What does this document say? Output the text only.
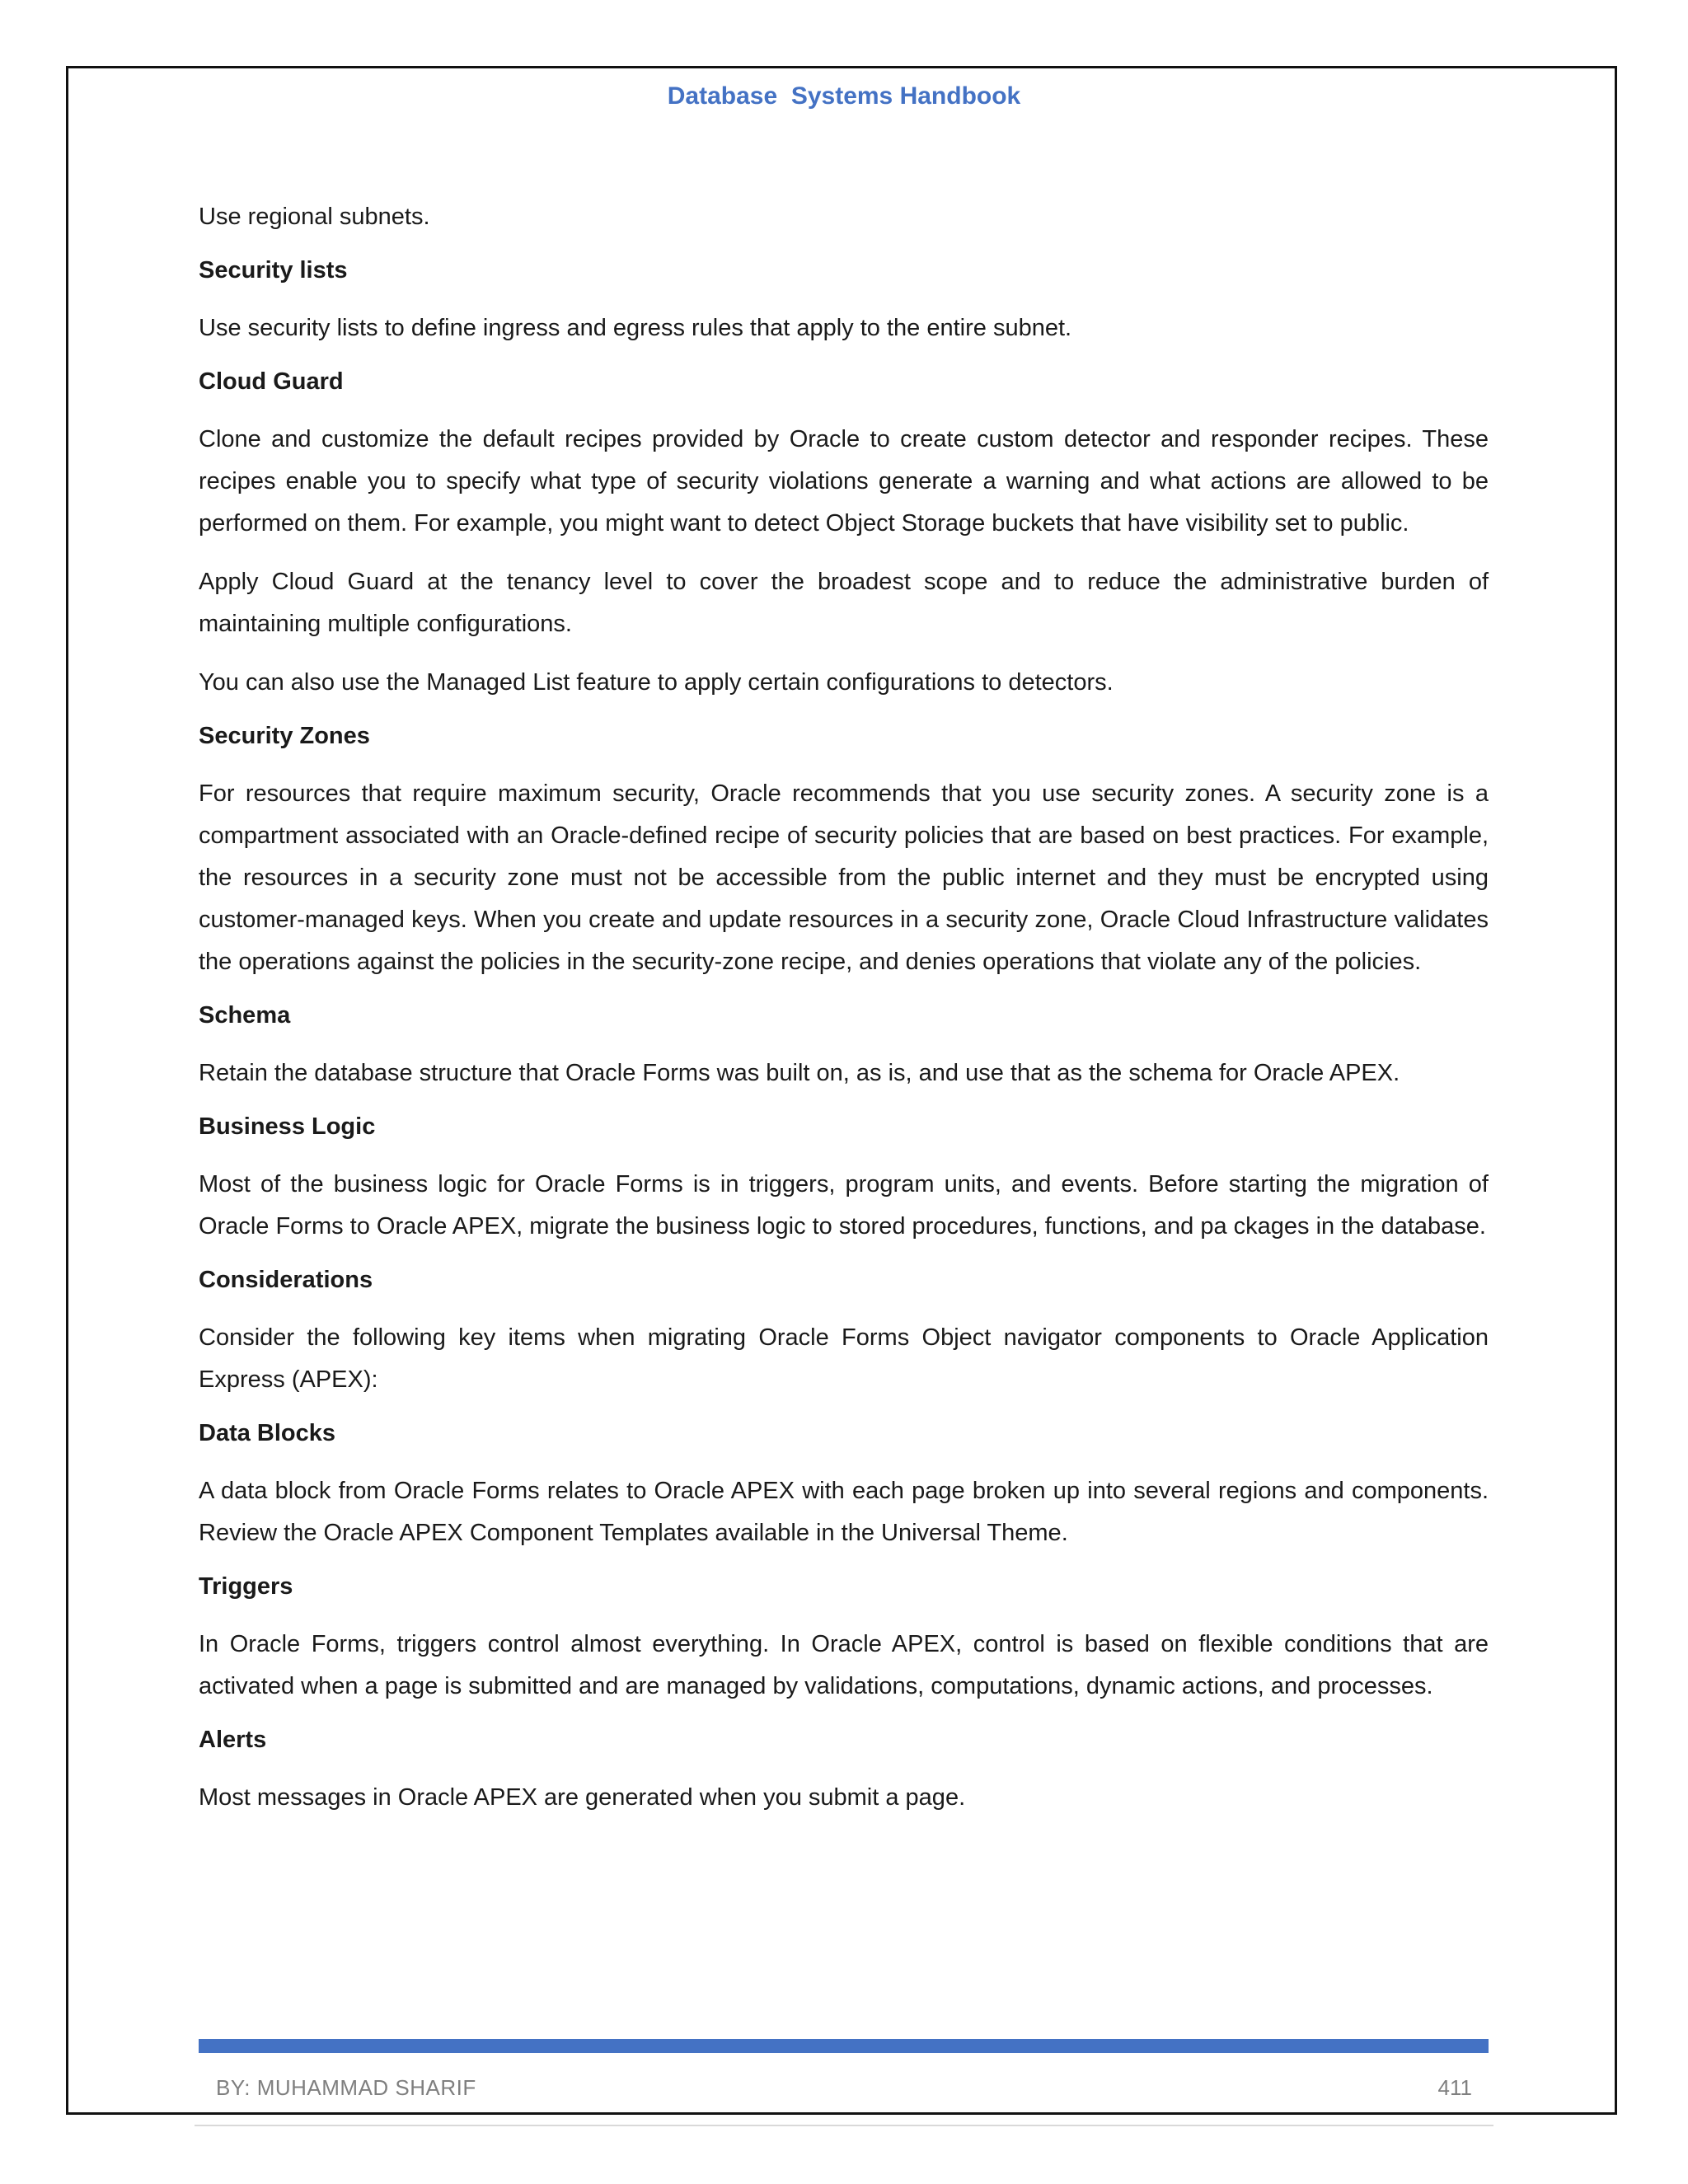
Database  Systems Handbook
Use regional subnets.
Security lists
Use security lists to define ingress and egress rules that apply to the entire subnet.
Cloud Guard
Clone and customize the default recipes provided by Oracle to create custom detector and responder recipes. These recipes enable you to specify what type of security violations generate a warning and what actions are allowed to be performed on them. For example, you might want to detect Object Storage buckets that have visibility set to public.
Apply Cloud Guard at the tenancy level to cover the broadest scope and to reduce the administrative burden of maintaining multiple configurations.
You can also use the Managed List feature to apply certain configurations to detectors.
Security Zones
For resources that require maximum security, Oracle recommends that you use security zones. A security zone is a compartment associated with an Oracle-defined recipe of security policies that are based on best practices. For example, the resources in a security zone must not be accessible from the public internet and they must be encrypted using customer-managed keys. When you create and update resources in a security zone, Oracle Cloud Infrastructure validates the operations against the policies in the security-zone recipe, and denies operations that violate any of the policies.
Schema
Retain the database structure that Oracle Forms was built on, as is, and use that as the schema for Oracle APEX.
Business Logic
Most of the business logic for Oracle Forms is in triggers, program units, and events. Before starting the migration of Oracle Forms to Oracle APEX, migrate the business logic to stored procedures, functions, and pa ckages in the database.
Considerations
Consider the following key items when migrating Oracle Forms Object navigator components to Oracle Application Express (APEX):
Data Blocks
A data block from Oracle Forms relates to Oracle APEX with each page broken up into several regions and components. Review the Oracle APEX Component Templates available in the Universal Theme.
Triggers
In Oracle Forms, triggers control almost everything. In Oracle APEX, control is based on flexible conditions that are activated when a page is submitted and are managed by validations, computations, dynamic actions, and processes.
Alerts
Most messages in Oracle APEX are generated when you submit a page.
BY: MUHAMMAD SHARIF	411
